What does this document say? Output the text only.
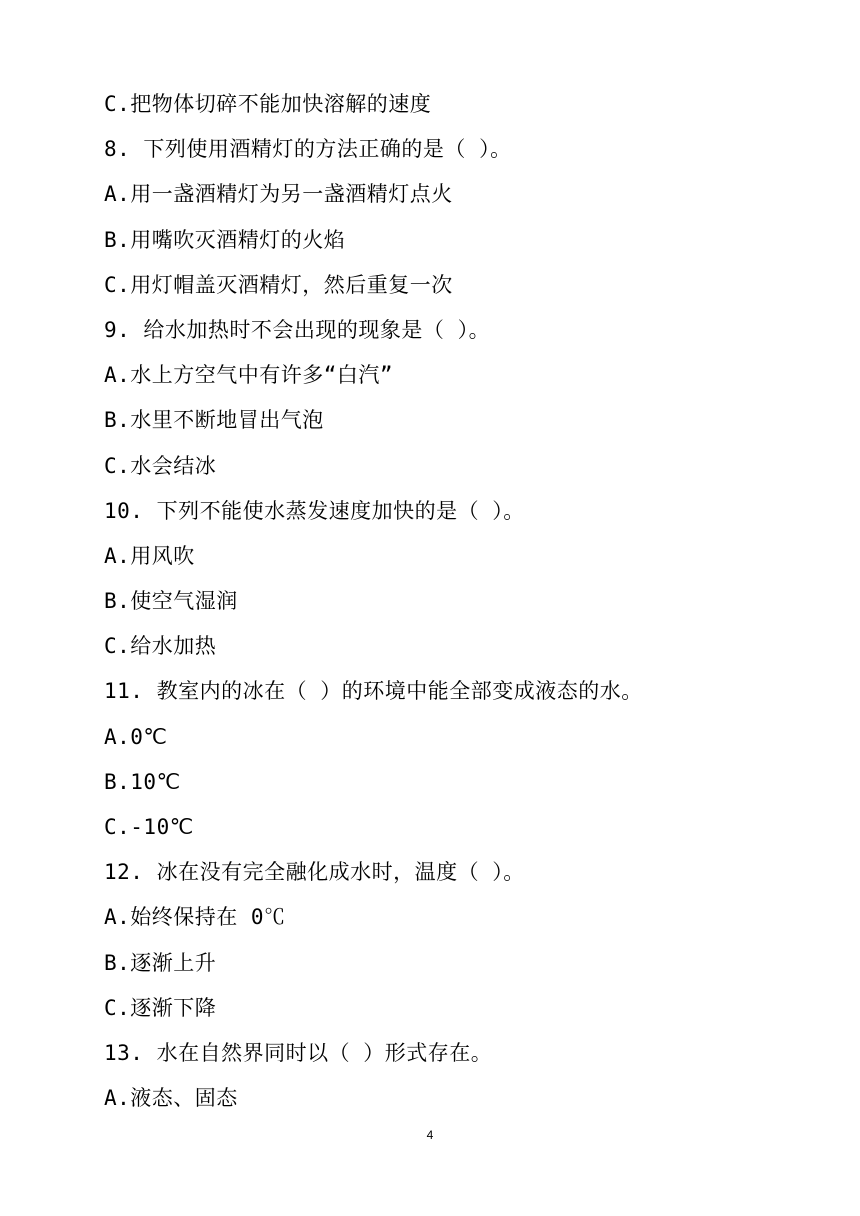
C.把物体切碎不能加快溶解的速度
8. 下列使用酒精灯的方法正确的是（ ）。
A.用一盏酒精灯为另一盏酒精灯点火
B.用嘴吹灭酒精灯的火焰
C.用灯帽盖灭酒精灯，然后重复一次
9. 给水加热时不会出现的现象是（ ）。
A.水上方空气中有许多“白汽”
B.水里不断地冒出气泡
C.水会结冰
10. 下列不能使水蒸发速度加快的是（ ）。
A.用风吹
B.使空气湿润
C.给水加热
11. 教室内的冰在（ ）的环境中能全部变成液态的水。
A.0℃
B.10℃
C.-10℃
12. 冰在没有完全融化成水时，温度（ ）。
A.始终保持在 0℃
B.逐渐上升
C.逐渐下降
13. 水在自然界同时以（ ）形式存在。
A.液态、固态
4
